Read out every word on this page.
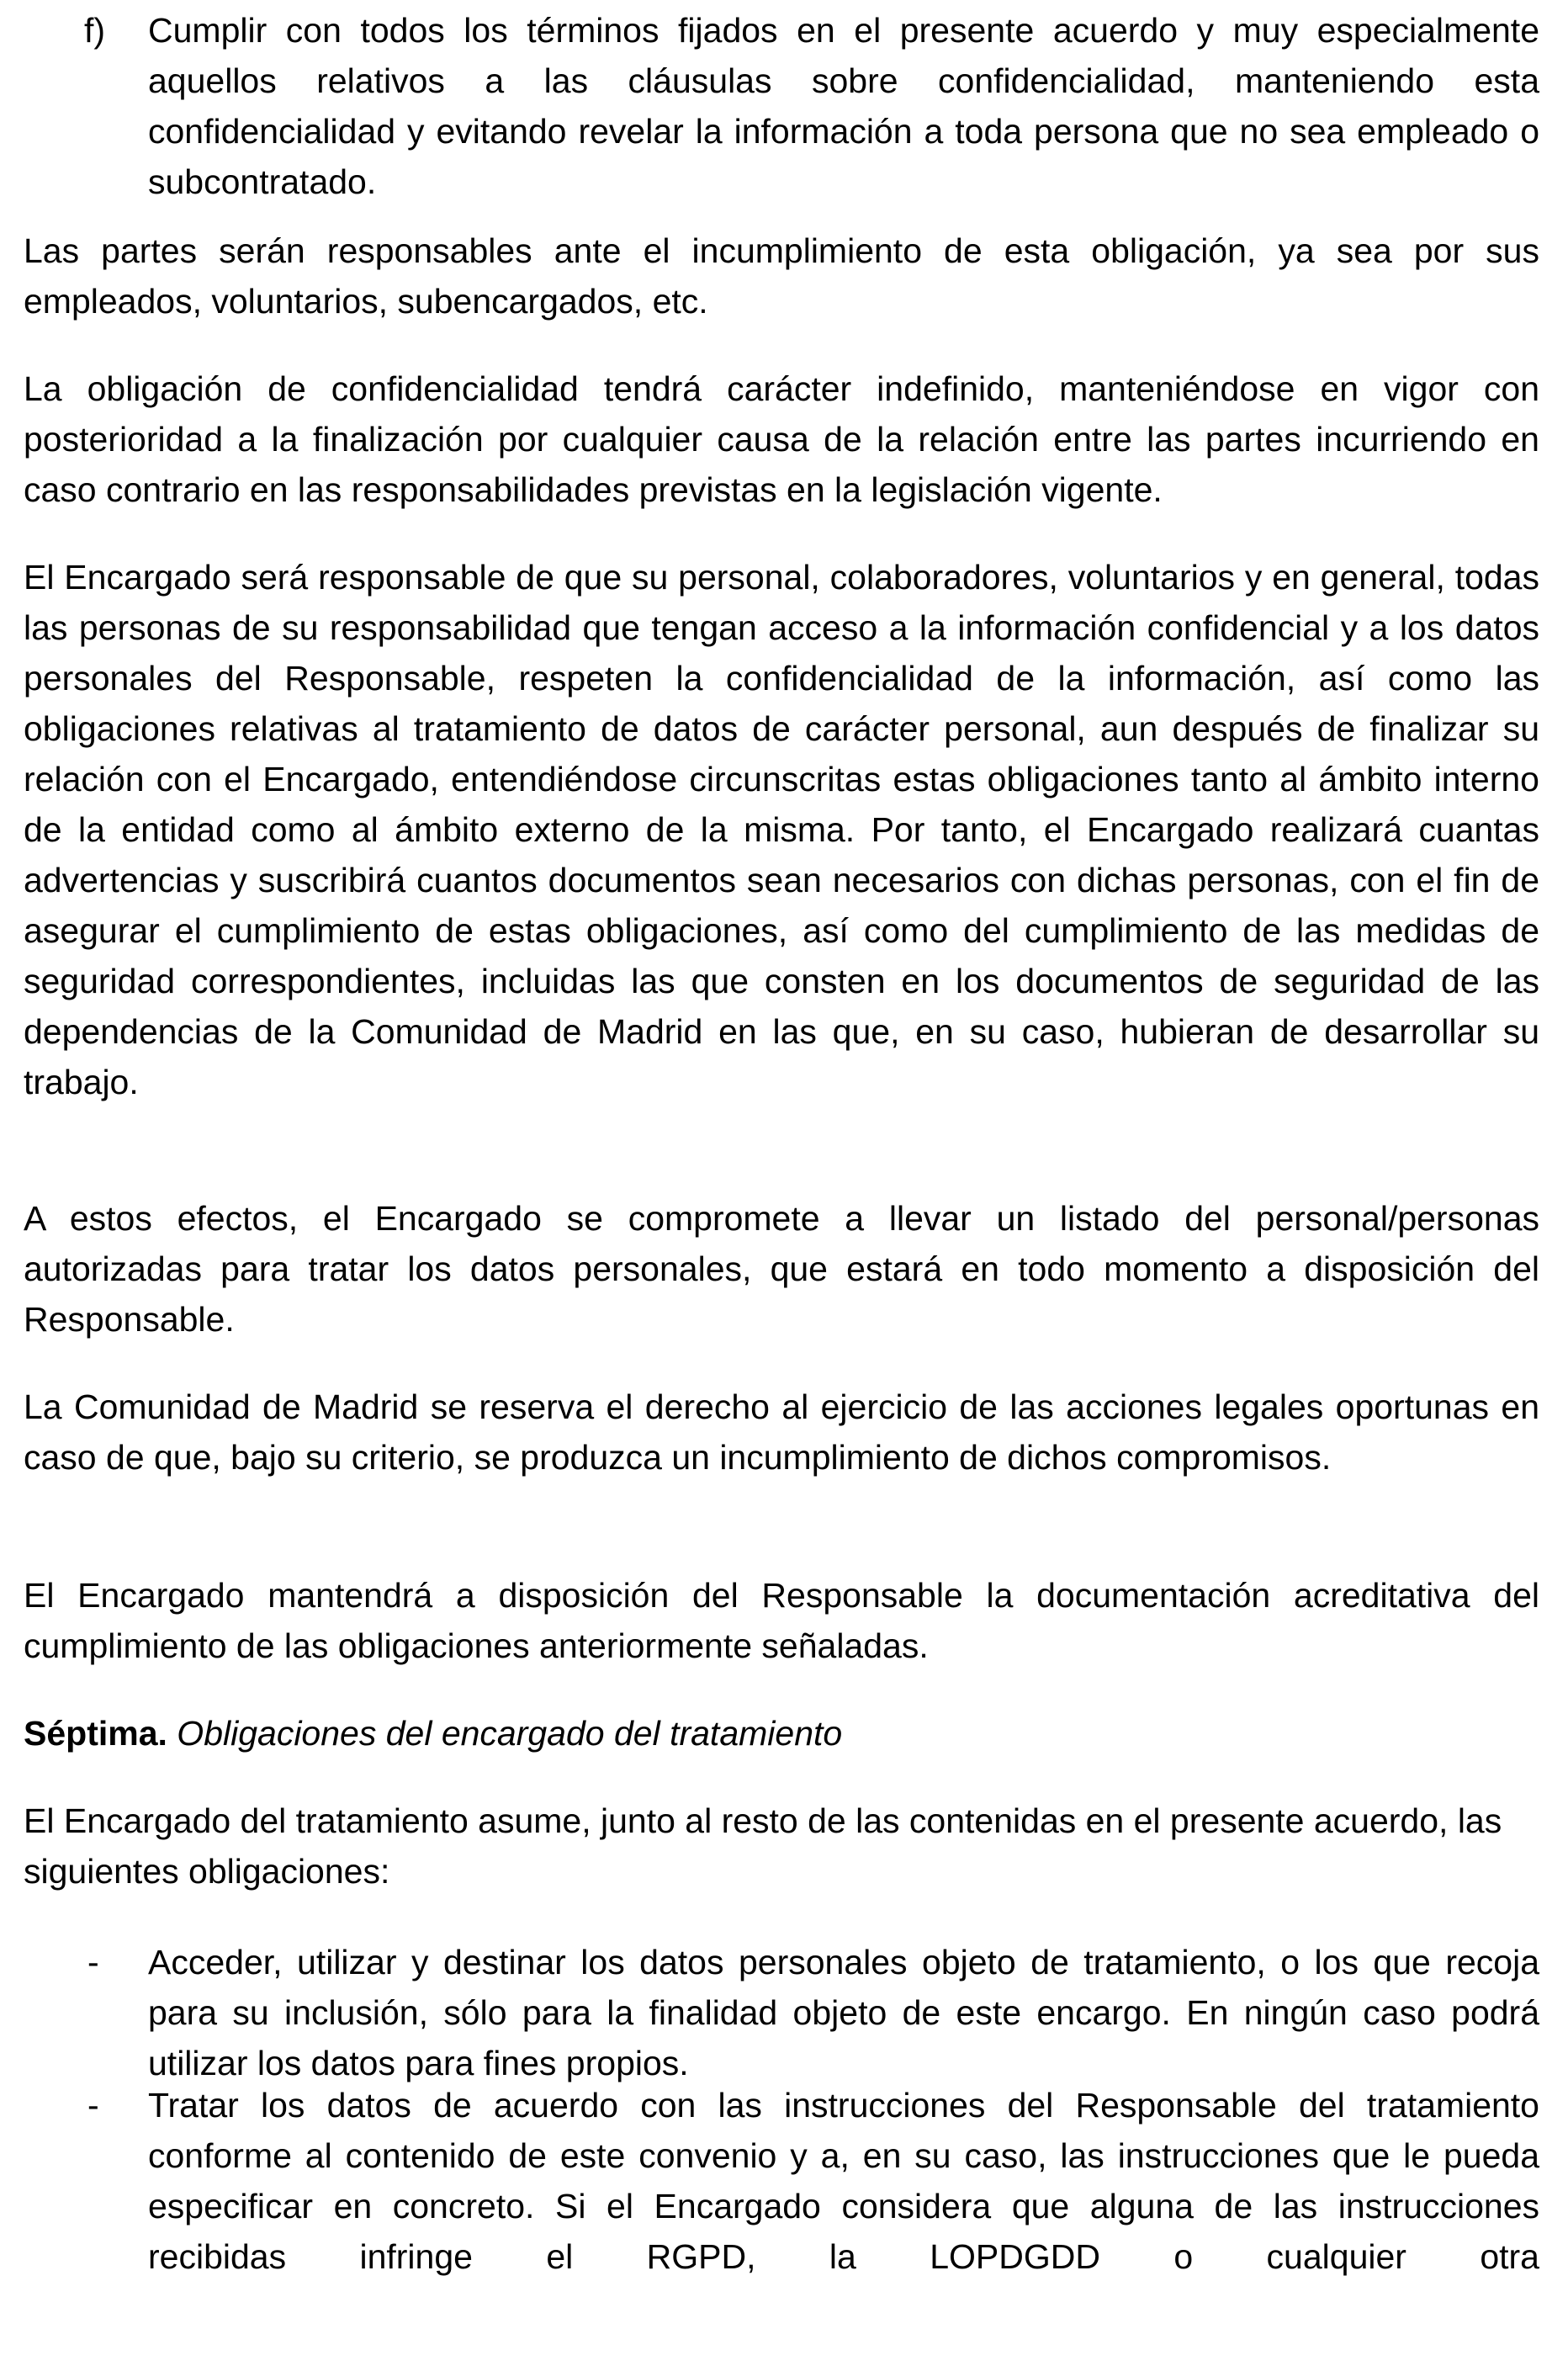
f)	Cumplir con todos los términos fijados en el presente acuerdo y muy especialmente aquellos relativos a las cláusulas sobre confidencialidad, manteniendo esta confidencialidad y evitando revelar la información a toda persona que no sea empleado o subcontratado.

Las partes serán responsables ante el incumplimiento de esta obligación, ya sea por sus empleados, voluntarios, subencargados, etc.

La obligación de confidencialidad tendrá carácter indefinido, manteniéndose en vigor con posterioridad a la finalización por cualquier causa de la relación entre las partes incurriendo en caso contrario en las responsabilidades previstas en la legislación vigente.

El Encargado será responsable de que su personal, colaboradores, voluntarios y en general, todas las personas de su responsabilidad que tengan acceso a la información confidencial y a los datos personales del Responsable, respeten la confidencialidad de la información, así como las obligaciones relativas al tratamiento de datos de carácter personal, aun después de finalizar su relación con el Encargado, entendiéndose circunscritas estas obligaciones tanto al ámbito interno de la entidad como al ámbito externo de la misma. Por tanto, el Encargado realizará cuantas advertencias y suscribirá cuantos documentos sean necesarios con dichas personas, con el fin de asegurar el cumplimiento de estas obligaciones, así como del cumplimiento de las medidas de seguridad correspondientes, incluidas las que consten en los documentos de seguridad de las dependencias de la Comunidad de Madrid en las que, en su caso, hubieran de desarrollar su trabajo.

A estos efectos, el Encargado se compromete a llevar un listado del personal/personas autorizadas para tratar los datos personales, que estará en todo momento a disposición del Responsable.

La Comunidad de Madrid se reserva el derecho al ejercicio de las acciones legales oportunas en caso de que, bajo su criterio, se produzca un incumplimiento de dichos compromisos.

El Encargado mantendrá a disposición del Responsable la documentación acreditativa del cumplimiento de las obligaciones anteriormente señaladas.

Séptima. Obligaciones del encargado del tratamiento

El Encargado del tratamiento asume, junto al resto de las contenidas en el presente acuerdo, las siguientes obligaciones:

-	Acceder, utilizar y destinar los datos personales objeto de tratamiento, o los que recoja para su inclusión, sólo para la finalidad objeto de este encargo. En ningún caso podrá utilizar los datos para fines propios.

-	Tratar los datos de acuerdo con las instrucciones del Responsable del tratamiento conforme al contenido de este convenio y a, en su caso, las instrucciones que le pueda especificar en concreto. Si el Encargado considera que alguna de las instrucciones recibidas infringe el RGPD, la LOPDGDD o cualquier otra
